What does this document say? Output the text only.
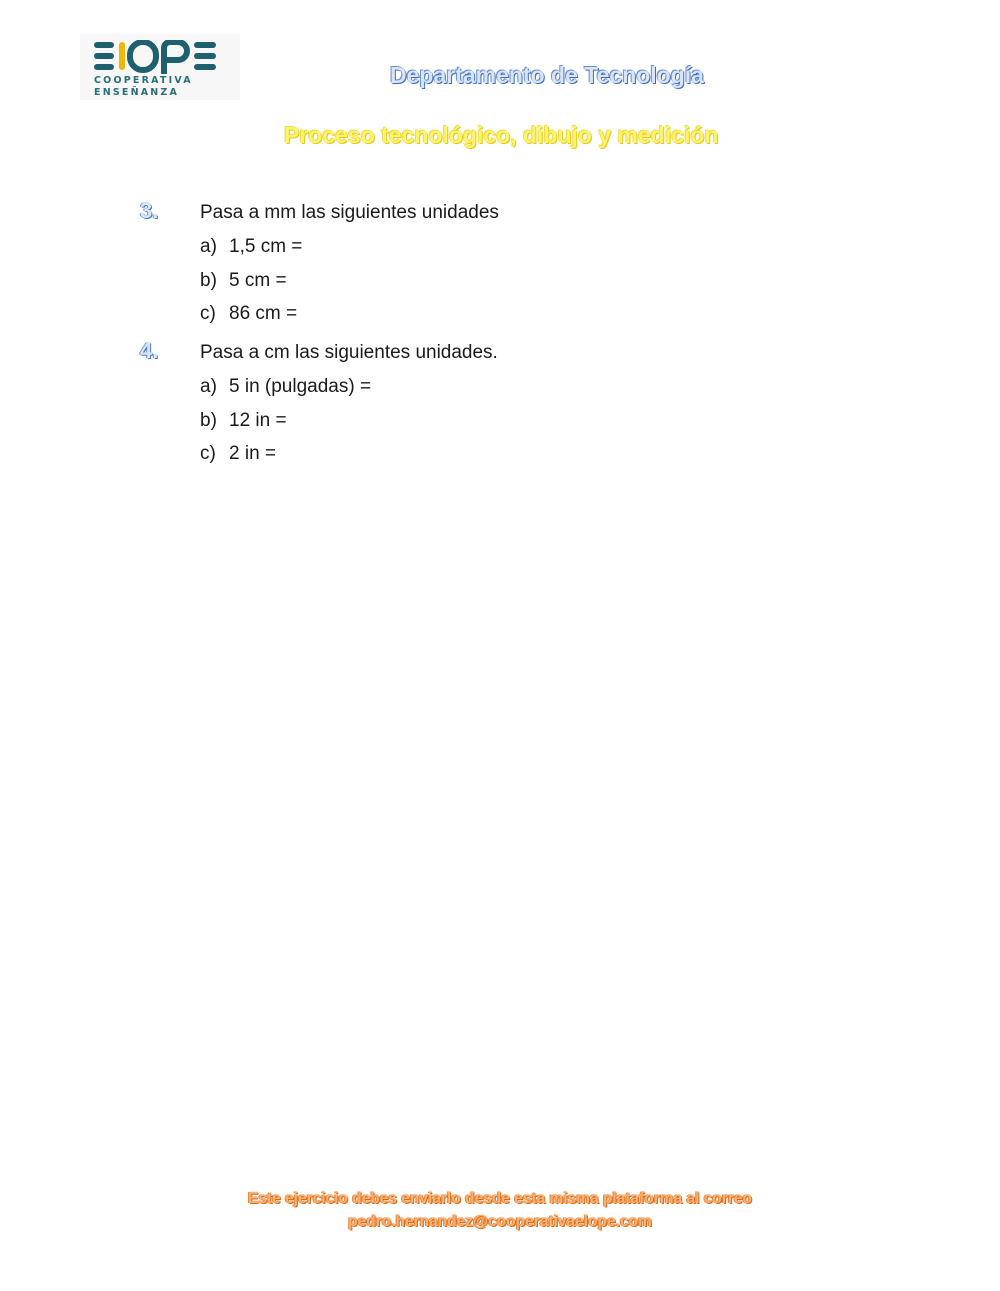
COOPERATIVA
ENSEÑANZA
Departamento de Tecnología
Proceso tecnológico, dibujo y medición
3. Pasa a mm las siguientes unidades
a) 1,5 cm =
b) 5 cm =
c) 86 cm =
4. Pasa a cm las siguientes unidades.
a) 5 in (pulgadas) =
b) 12 in =
c) 2 in =
Este ejercicio debes enviarlo desde esta misma plataforma al correo
pedro.hernandez@cooperativaelope.com
